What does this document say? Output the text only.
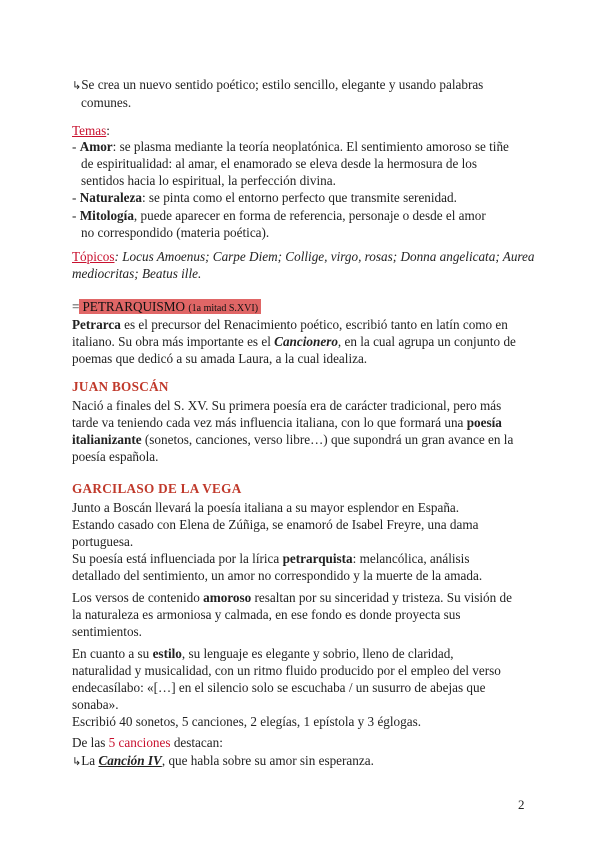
↳Se crea un nuevo sentido poético; estilo sencillo, elegante y usando palabras
comunes.
Temas:
- Amor: se plasma mediante la teoría neoplatónica. El sentimiento amoroso se tiñe
de espiritualidad: al amar, el enamorado se eleva desde la hermosura de los
sentidos hacia lo espiritual, la perfección divina.
- Naturaleza: se pinta como el entorno perfecto que transmite serenidad.
- Mitología, puede aparecer en forma de referencia, personaje o desde el amor
no correspondido (materia poética).
Tópicos: Locus Amoenus; Carpe Diem; Collige, virgo, rosas; Donna angelicata; Aurea
mediocritas; Beatus ille.
= PETRARQUISMO (1a mitad S.XVI)
Petrarca es el precursor del Renacimiento poético, escribió tanto en latín como en
italiano. Su obra más importante es el Cancionero, en la cual agrupa un conjunto de
poemas que dedicó a su amada Laura, a la cual idealiza.
JUAN BOSCÁN
Nació a finales del S. XV. Su primera poesía era de carácter tradicional, pero más
tarde va teniendo cada vez más influencia italiana, con lo que formará una poesía
italianizante (sonetos, canciones, verso libre…) que supondrá un gran avance en la
poesía española.
GARCILASO DE LA VEGA
Junto a Boscán llevará la poesía italiana a su mayor esplendor en España.
Estando casado con Elena de Zúñiga, se enamoró de Isabel Freyre, una dama
portuguesa.
Su poesía está influenciada por la lírica petrarquista: melancólica, análisis
detallado del sentimiento, un amor no correspondido y la muerte de la amada.
Los versos de contenido amoroso resaltan por su sinceridad y tristeza. Su visión de
la naturaleza es armoniosa y calmada, en ese fondo es donde proyecta sus
sentimientos.
En cuanto a su estilo, su lenguaje es elegante y sobrio, lleno de claridad,
naturalidad y musicalidad, con un ritmo fluido producido por el empleo del verso
endecasílabo: «[…] en el silencio solo se escuchaba / un susurro de abejas que
sonaba».
Escribió 40 sonetos, 5 canciones, 2 elegías, 1 epístola y 3 églogas.
De las 5 canciones destacan:
↳La Canción IV, que habla sobre su amor sin esperanza.
2
